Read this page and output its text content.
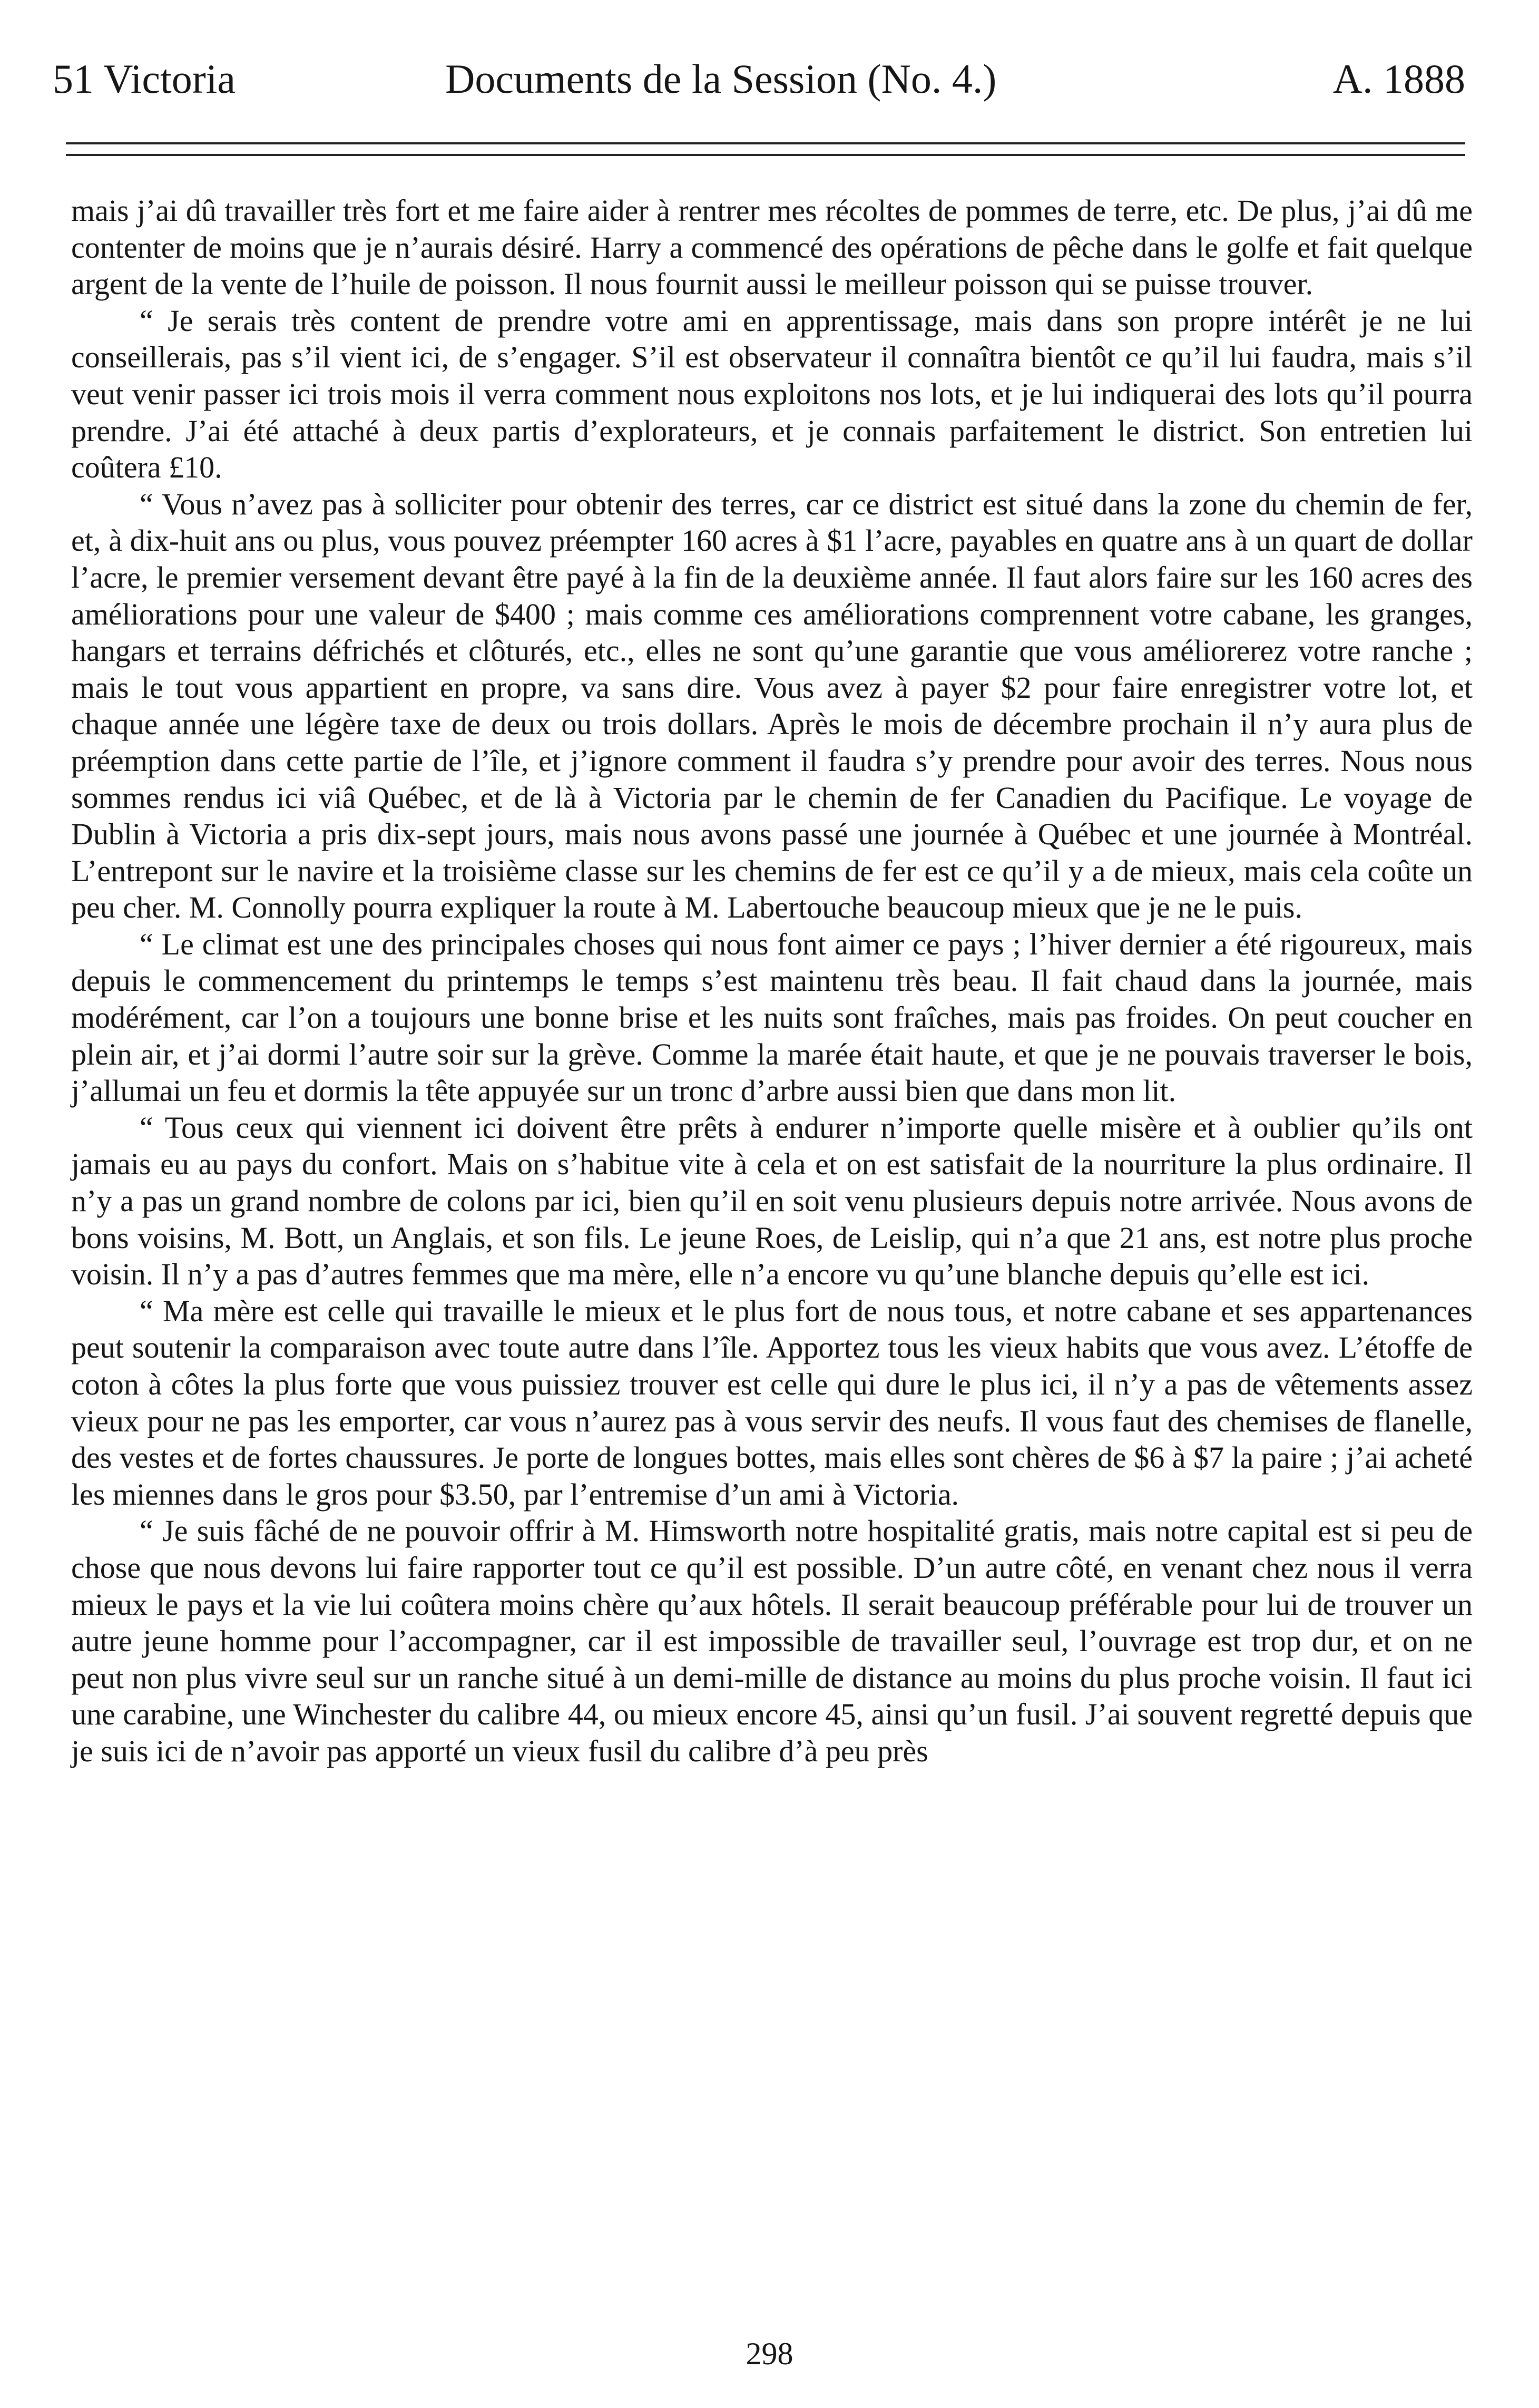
51 Victoria	Documents de la Session (No. 4.)	A. 1888

mais j’ai dû travailler très fort et me faire aider à rentrer mes récoltes de pommes de terre, etc. De plus, j’ai dû me contenter de moins que je n’aurais désiré. Harry a commencé des opérations de pêche dans le golfe et fait quelque argent de la vente de l’huile de poisson. Il nous fournit aussi le meilleur poisson qui se puisse trouver.

“ Je serais très content de prendre votre ami en apprentissage, mais dans son propre intérêt je ne lui conseillerais, pas s’il vient ici, de s’engager. S’il est observateur il connaîtra bientôt ce qu’il lui faudra, mais s’il veut venir passer ici trois mois il verra comment nous exploitons nos lots, et je lui indiquerai des lots qu’il pourra prendre. J’ai été attaché à deux partis d’explorateurs, et je connais parfaitement le district. Son entretien lui coûtera £10.

“ Vous n’avez pas à solliciter pour obtenir des terres, car ce district est situé dans la zone du chemin de fer, et, à dix-huit ans ou plus, vous pouvez préempter 160 acres à $1 l’acre, payables en quatre ans à un quart de dollar l’acre, le premier versement devant être payé à la fin de la deuxième année. Il faut alors faire sur les 160 acres des améliorations pour une valeur de $400 ; mais comme ces améliorations comprennent votre cabane, les granges, hangars et terrains défrichés et clôturés, etc., elles ne sont qu’une garantie que vous améliorerez votre ranche ; mais le tout vous appartient en propre, va sans dire. Vous avez à payer $2 pour faire enregistrer votre lot, et chaque année une légère taxe de deux ou trois dollars. Après le mois de décembre prochain il n’y aura plus de préemption dans cette partie de l’île, et j’ignore comment il faudra s’y prendre pour avoir des terres. Nous nous sommes rendus ici viâ Québec, et de là à Victoria par le chemin de fer Canadien du Pacifique. Le voyage de Dublin à Victoria a pris dix-sept jours, mais nous avons passé une journée à Québec et une journée à Montréal. L’entrepont sur le navire et la troisième classe sur les chemins de fer est ce qu’il y a de mieux, mais cela coûte un peu cher. M. Connolly pourra expliquer la route à M. Labertouche beaucoup mieux que je ne le puis.

“ Le climat est une des principales choses qui nous font aimer ce pays ; l’hiver dernier a été rigoureux, mais depuis le commencement du printemps le temps s’est maintenu très beau. Il fait chaud dans la journée, mais modérément, car l’on a toujours une bonne brise et les nuits sont fraîches, mais pas froides. On peut coucher en plein air, et j’ai dormi l’autre soir sur la grève. Comme la marée était haute, et que je ne pouvais traverser le bois, j’allumai un feu et dormis la tête appuyée sur un tronc d’arbre aussi bien que dans mon lit.

“ Tous ceux qui viennent ici doivent être prêts à endurer n’importe quelle misère et à oublier qu’ils ont jamais eu au pays du confort. Mais on s’habitue vite à cela et on est satisfait de la nourriture la plus ordinaire. Il n’y a pas un grand nombre de colons par ici, bien qu’il en soit venu plusieurs depuis notre arrivée. Nous avons de bons voisins, M. Bott, un Anglais, et son fils. Le jeune Roes, de Leislip, qui n’a que 21 ans, est notre plus proche voisin. Il n’y a pas d’autres femmes que ma mère, elle n’a encore vu qu’une blanche depuis qu’elle est ici.

“ Ma mère est celle qui travaille le mieux et le plus fort de nous tous, et notre cabane et ses appartenances peut soutenir la comparaison avec toute autre dans l’île. Apportez tous les vieux habits que vous avez. L’étoffe de coton à côtes la plus forte que vous puissiez trouver est celle qui dure le plus ici, il n’y a pas de vêtements assez vieux pour ne pas les emporter, car vous n’aurez pas à vous servir des neufs. Il vous faut des chemises de flanelle, des vestes et de fortes chaussures. Je porte de longues bottes, mais elles sont chères de $6 à $7 la paire ; j’ai acheté les miennes dans le gros pour $3.50, par l’entremise d’un ami à Victoria.

“ Je suis fâché de ne pouvoir offrir à M. Himsworth notre hospitalité gratis, mais notre capital est si peu de chose que nous devons lui faire rapporter tout ce qu’il est possible. D’un autre côté, en venant chez nous il verra mieux le pays et la vie lui coûtera moins chère qu’aux hôtels. Il serait beaucoup préférable pour lui de trouver un autre jeune homme pour l’accompagner, car il est impossible de travailler seul, l’ouvrage est trop dur, et on ne peut non plus vivre seul sur un ranche situé à un demi-mille de distance au moins du plus proche voisin. Il faut ici une carabine, une Winchester du calibre 44, ou mieux encore 45, ainsi qu’un fusil. J’ai souvent regretté depuis que je suis ici de n’avoir pas apporté un vieux fusil du calibre d’à peu près

298
